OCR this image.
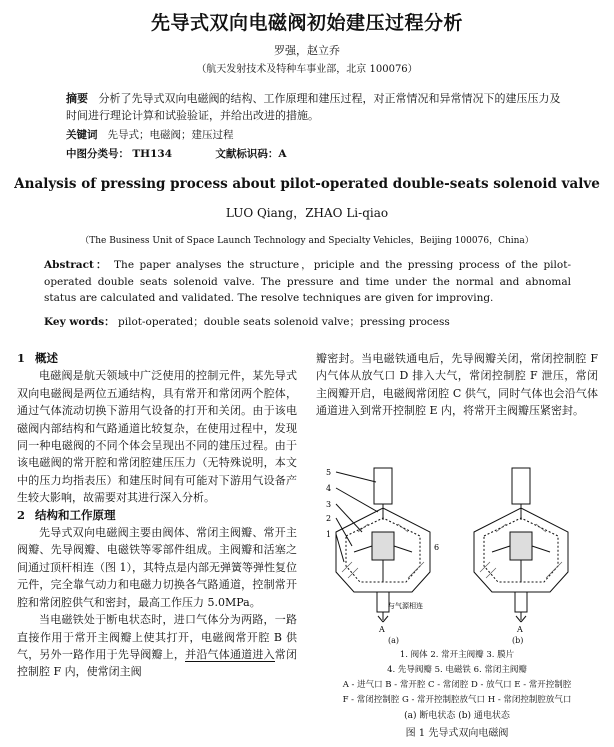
先导式双向电磁阀初始建压过程分析
罗强，赵立乔
（航天发射技术及特种车事业部，北京 100076）
摘要 分析了先导式双向电磁阀的结构、工作原理和建压过程，对正常情况和异常情况下的建压压力及时间进行理论计算和试验验证，并给出改进的措施。
关键词 先导式；电磁阀；建压过程
中图分类号： TH134	文献标识码：A
Analysis of pressing process about pilot-operated double-seats solenoid valve
LUO Qiang，ZHAO Li-qiao
（The Business Unit of Space Launch Technology and Specialty Vehicles，Beijing 100076，China）
Abstract： The paper analyses the structure，priciple and the pressing process of the pilot-operated double seats solenoid valve. The pressure and time under the normal and abnomal status are calculated and validated. The resolve techniques are given for improving.
Key words： pilot-operated；double seats solenoid valve；pressing process

1 概述

电磁阀是航天领域中广泛使用的控制元件，某先导式双向电磁阀是两位五通结构，具有常开和常闭两个腔体，通过气体流动切换下游用气设备的打开和关闭。由于该电磁阀内部结构和气路通道比较复杂，在使用过程中，发现同一种电磁阀的不同个体会呈现出不同的建压过程。由于该电磁阀的常开腔和常闭腔建压压力（无特殊说明，本文中的压力均指表压）和建压时间有可能对下游用气设备产生较大影响，故需要对其进行深入分析。

2 结构和工作原理

先导式双向电磁阀主要由阀体、常闭主阀瓣、常开主阀瓣、先导阀瓣、电磁铁等零部件组成。主阀瓣和活塞之间通过顶杆相连（图 1），其特点是内部无弹簧等弹性复位元件，完全靠气动力和电磁力切换各气路通道，控制常开腔和常闭腔供气和密封，最高工作压力 5.0MPa。

当电磁铁处于断电状态时，进口气体分为两路，一路直接作用于常开主阀瓣上使其打开，电磁阀常开腔 B 供气，另外一路作用于先导阀瓣上，并沿气体通道进入常闭控制腔 F 内，使常闭主阀

瓣密封。当电磁铁通电后，先导阀瓣关闭，常闭控制腔 F 内气体从放气口 D 排入大气，常闭控制腔 F 泄压，常闭主阀瓣开启，电磁阀常闭腔 C 供气，同时气体也会沿气体通道进入到常开控制腔 E 内，将常开主阀瓣压紧密封。

5
4
3
2
1
6
A
与气源相连
A
(a)	(b)
1. 阀体 2. 常开主阀瓣 3. 膜片
4. 先导阀瓣 5. 电磁铁 6. 常闭主阀瓣
A - 进气口 B - 常开腔 C - 常闭腔 D - 放气口 E - 常开控制腔
F - 常闭控制腔 G - 常开控制腔放气口 H - 常闭控制腔放气口
(a) 断电状态 (b) 通电状态
图 1 先导式双向电磁阀
